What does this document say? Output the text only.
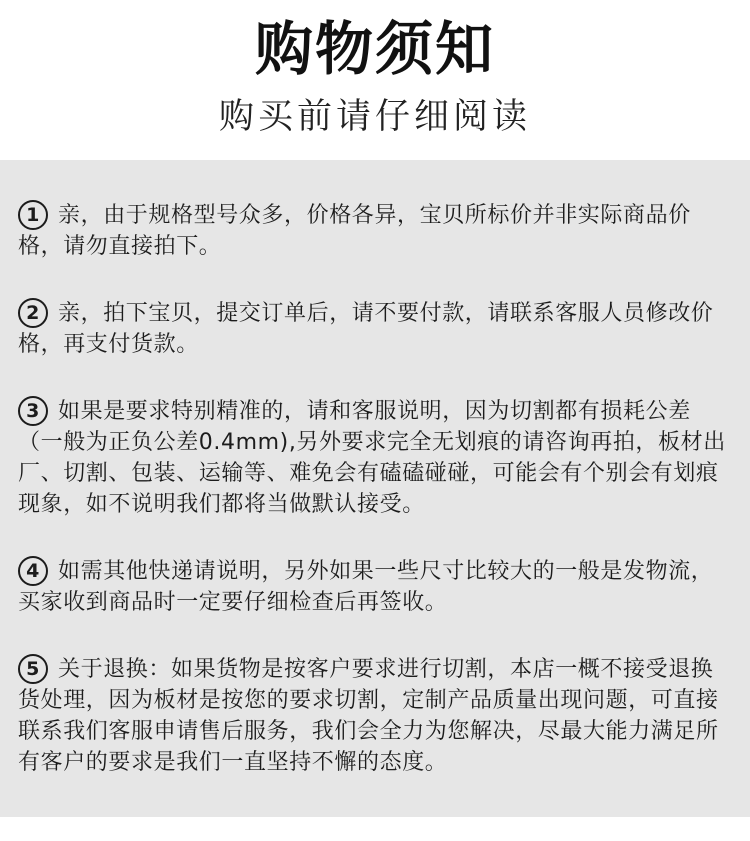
购物须知
购买前请仔细阅读
1 亲，由于规格型号众多，价格各异，宝贝所标价并非实际商品价格，请勿直接拍下。
2 亲，拍下宝贝，提交订单后，请不要付款，请联系客服人员修改价格，再支付货款。
3 如果是要求特别精准的，请和客服说明，因为切割都有损耗公差（一般为正负公差0.4mm),另外要求完全无划痕的请咨询再拍，板材出厂、切割、包装、运输等、难免会有磕磕碰碰，可能会有个别会有划痕现象，如不说明我们都将当做默认接受。
4 如需其他快递请说明，另外如果一些尺寸比较大的一般是发物流，买家收到商品时一定要仔细检查后再签收。
5 关于退换：如果货物是按客户要求进行切割，本店一概不接受退换货处理，因为板材是按您的要求切割，定制产品质量出现问题，可直接联系我们客服申请售后服务，我们会全力为您解决，尽最大能力满足所有客户的要求是我们一直坚持不懈的态度。
